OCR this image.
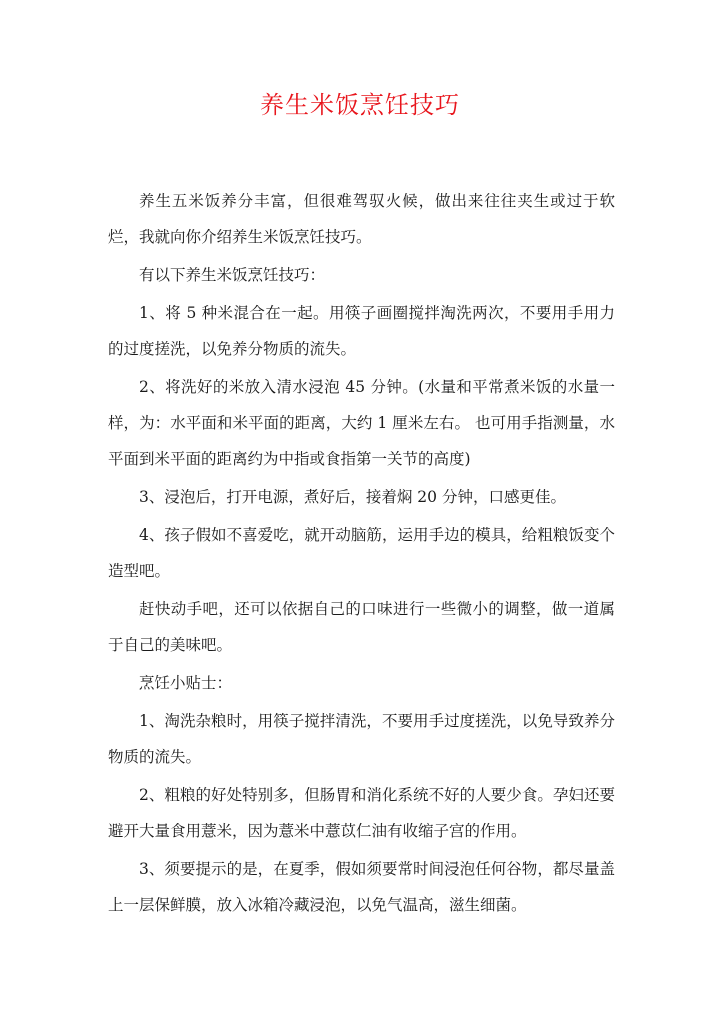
养生米饭烹饪技巧

养生五米饭养分丰富，但很难驾驭火候，做出来往往夹生或过于软烂，我就向你介绍养生米饭烹饪技巧。

有以下养生米饭烹饪技巧：

1、将 5 种米混合在一起。用筷子画圈搅拌淘洗两次，不要用手用力的过度搓洗，以免养分物质的流失。

2、将洗好的米放入清水浸泡 45 分钟。(水量和平常煮米饭的水量一样，为：水平面和米平面的距离，大约 1 厘米左右。 也可用手指测量，水平面到米平面的距离约为中指或食指第一关节的高度)

3、浸泡后，打开电源，煮好后，接着焖 20 分钟，口感更佳。

4、孩子假如不喜爱吃，就开动脑筋，运用手边的模具，给粗粮饭变个造型吧。

赶快动手吧，还可以依据自己的口味进行一些微小的调整，做一道属于自己的美味吧。

烹饪小贴士：

1、淘洗杂粮时，用筷子搅拌清洗，不要用手过度搓洗，以免导致养分物质的流失。

2、粗粮的好处特别多，但肠胃和消化系统不好的人要少食。孕妇还要避开大量食用薏米，因为薏米中薏苡仁油有收缩子宫的作用。

3、须要提示的是，在夏季，假如须要常时间浸泡任何谷物，都尽量盖上一层保鲜膜，放入冰箱冷藏浸泡，以免气温高，滋生细菌。
